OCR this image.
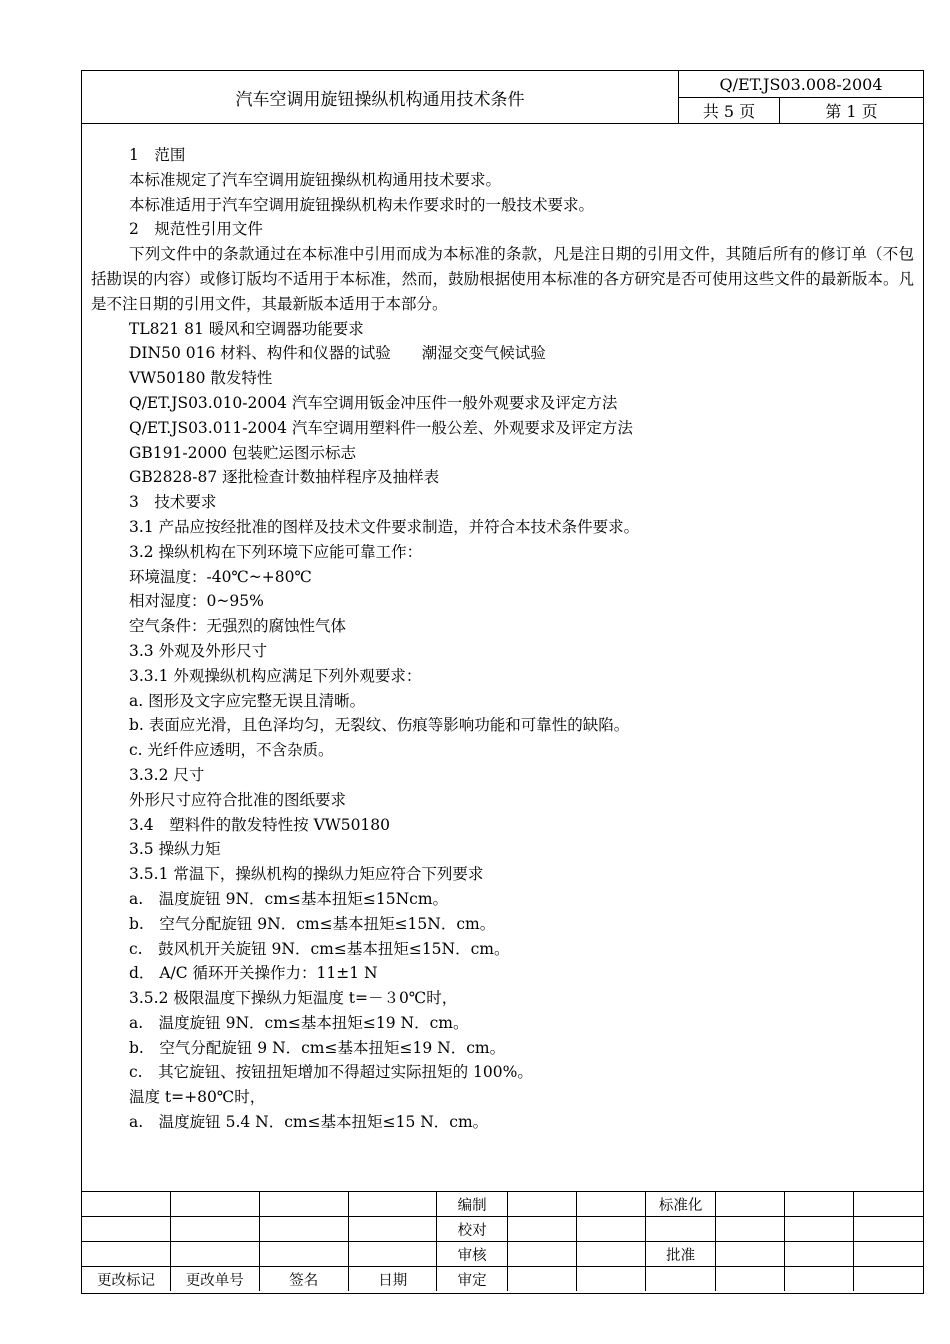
汽车空调用旋钮操纵机构通用技术条件
Q/ET.JS03.008-2004
共 5 页	第 1 页
1　范围
本标准规定了汽车空调用旋钮操纵机构通用技术要求。
本标准适用于汽车空调用旋钮操纵机构未作要求时的一般技术要求。
2　规范性引用文件
下列文件中的条款通过在本标准中引用而成为本标准的条款，凡是注日期的引用文件，其随后所有的修订单（不包括勘误的内容）或修订版均不适用于本标准，然而，鼓励根据使用本标准的各方研究是否可使用这些文件的最新版本。凡是不注日期的引用文件，其最新版本适用于本部分。
TL821 81 暖风和空调器功能要求
DIN50 016 材料、构件和仪器的试验　　潮湿交变气候试验
VW50180 散发特性
Q/ET.JS03.010-2004 汽车空调用钣金冲压件一般外观要求及评定方法
Q/ET.JS03.011-2004 汽车空调用塑料件一般公差、外观要求及评定方法
GB191-2000 包装贮运图示标志
GB2828-87 逐批检查计数抽样程序及抽样表
3　技术要求
3.1 产品应按经批准的图样及技术文件要求制造，并符合本技术条件要求。
3.2 操纵机构在下列环境下应能可靠工作：
环境温度：-40℃~+80℃
相对湿度：0~95%
空气条件：无强烈的腐蚀性气体
3.3 外观及外形尺寸
3.3.1 外观操纵机构应满足下列外观要求：
a. 图形及文字应完整无误且清晰。
b. 表面应光滑，且色泽均匀，无裂纹、伤痕等影响功能和可靠性的缺陷。
c. 光纤件应透明，不含杂质。
3.3.2 尺寸
外形尺寸应符合批准的图纸要求
3.4　塑料件的散发特性按 VW50180
3.5 操纵力矩
3.5.1 常温下，操纵机构的操纵力矩应符合下列要求
a.　温度旋钮 9N．cm≤基本扭矩≤15Ncm。
b.　空气分配旋钮 9N．cm≤基本扭矩≤15N．cm。
c.　鼓风机开关旋钮 9N．cm≤基本扭矩≤15N．cm。
d． A/C 循环开关操作力：11±1 N
3.5.2 极限温度下操纵力矩温度 t=－３0℃时，
a.　温度旋钮 9N．cm≤基本扭矩≤19 N．cm。
b.　空气分配旋钮 9 N．cm≤基本扭矩≤19 N．cm。
c.　其它旋钮、按钮扭矩增加不得超过实际扭矩的 100%。
温度 t=+80℃时，
a.　温度旋钮 5.4 N．cm≤基本扭矩≤15 N．cm。
				编制			标准化			
				校对						
				审核			批准			
更改标记	更改单号	签名	日期	审定						
